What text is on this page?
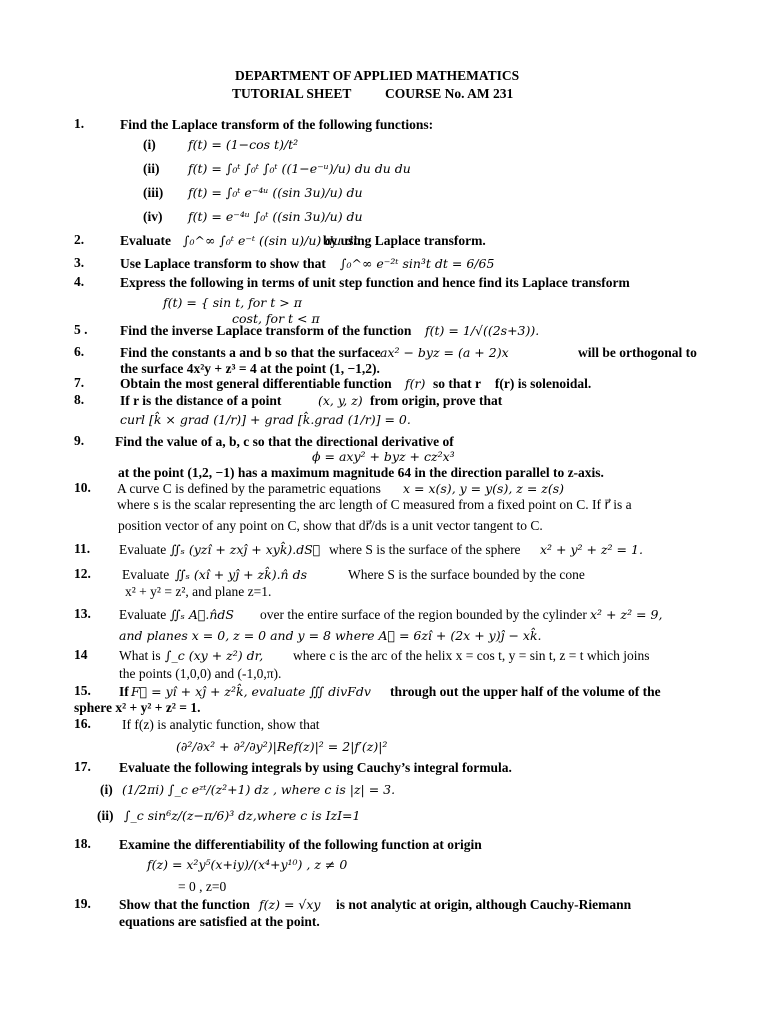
DEPARTMENT OF APPLIED MATHEMATICS
TUTORIAL SHEET COURSE No. AM 231
1.	Find the Laplace transform of the following functions:
(i)	f(t) = (1−cos t)/t²
(ii) f(t) = ∫₀ᵗ ∫₀ᵗ ∫₀ᵗ ((1−e⁻ᵘ)/u) du du du
(iii) f(t) = ∫₀ᵗ e⁻⁴ᵘ ((sin 3u)/u) du
(iv) f(t) = e⁻⁴ᵘ ∫₀ᵗ ((sin 3u)/u) du
2.	Evaluate ∫₀^∞ ∫₀ᵗ e⁻ᵗ ((sin u)/u) du dt
by using Laplace transform.
3.	Use Laplace transform to show that ∫₀^∞ e⁻²ᵗ sin³t dt = 6/65
4.	Express the following in terms of unit step function and hence find its Laplace transform
f(t) = { sin t, for t > π
cost, for t < π
5 . Find the inverse Laplace transform of the function f(t) = 1/√((2s+3)).
6.	Find the constants a and b so that the surface ax² − byz = (a + 2)x	will be orthogonal to
the surface 4x²y + z³ = 4 at the point (1, −1,2).
7.	Obtain the most general differentiable function f(r) so that r⃗ f(r) is solenoidal.
8.	If r is the distance of a point	(x, y, z) from origin, prove that
curl [k̂ × grad (1/r)] + grad [k̂.grad (1/r)] = 0.
9. Find the value of a, b, c so that the directional derivative of
ϕ = axy² + byz + cz²x³
at the point (1,2, −1) has a maximum magnitude 64 in the direction parallel to z-axis.
10. A curve C is defined by the parametric equations x = x(s), y = y(s), z = z(s)
where s is the scalar representing the arc length of C measured from a fixed point on C. If r⃗ is a
position vector of any point on C, show that dr⃗/ds is a unit vector tangent to C.
11. Evaluate ∬ₛ (yzî + zxĵ + xyk̂).dS⃗ where S is the surface of the sphere x² + y² + z² = 1.
12. Evaluate ∬ₛ (xî + yĵ + zk̂).n̂ ds	Where S is the surface bounded by the cone
x² + y² = z², and plane z=1.
13. Evaluate ∬ₛ A⃗.n̂dS over the entire surface of the region bounded by the cylinder x² + z² = 9,
and planes x = 0, z = 0 and y = 8 where A⃗ = 6zî + (2x + y)ĵ − xk̂.
14 What is ∫_c (xy + z²) dr, where c is the arc of the helix x = cos t, y = sin t, z = t which joins
the points (1,0,0) and (-1,0,π).
15. If F⃗ = yî + xĵ + z²k̂, evaluate ∭ divFdv through out the upper half of the volume of the
sphere x² + y² + z² = 1.
16. If f(z) is analytic function, show that
(∂²/∂x² + ∂²/∂y²)|Ref(z)|² = 2|f′(z)|²
17. Evaluate the following integrals by using Cauchy’s integral formula.
(i) (1/2πi) ∫_c eᶻᵗ/(z²+1) dz , where c is |z| = 3.
(ii) ∫_c sin⁶z/(z−π/6)³ dz,where c is IzI=1
18. Examine the differentiability of the following function at origin
f(z) = x²y⁵(x+iy)/(x⁴+y¹⁰) , z ≠ 0
= 0 , z=0
19. Show that the function f(z) = √xy is not analytic at origin, although Cauchy-Riemann
equations are satisfied at the point.
